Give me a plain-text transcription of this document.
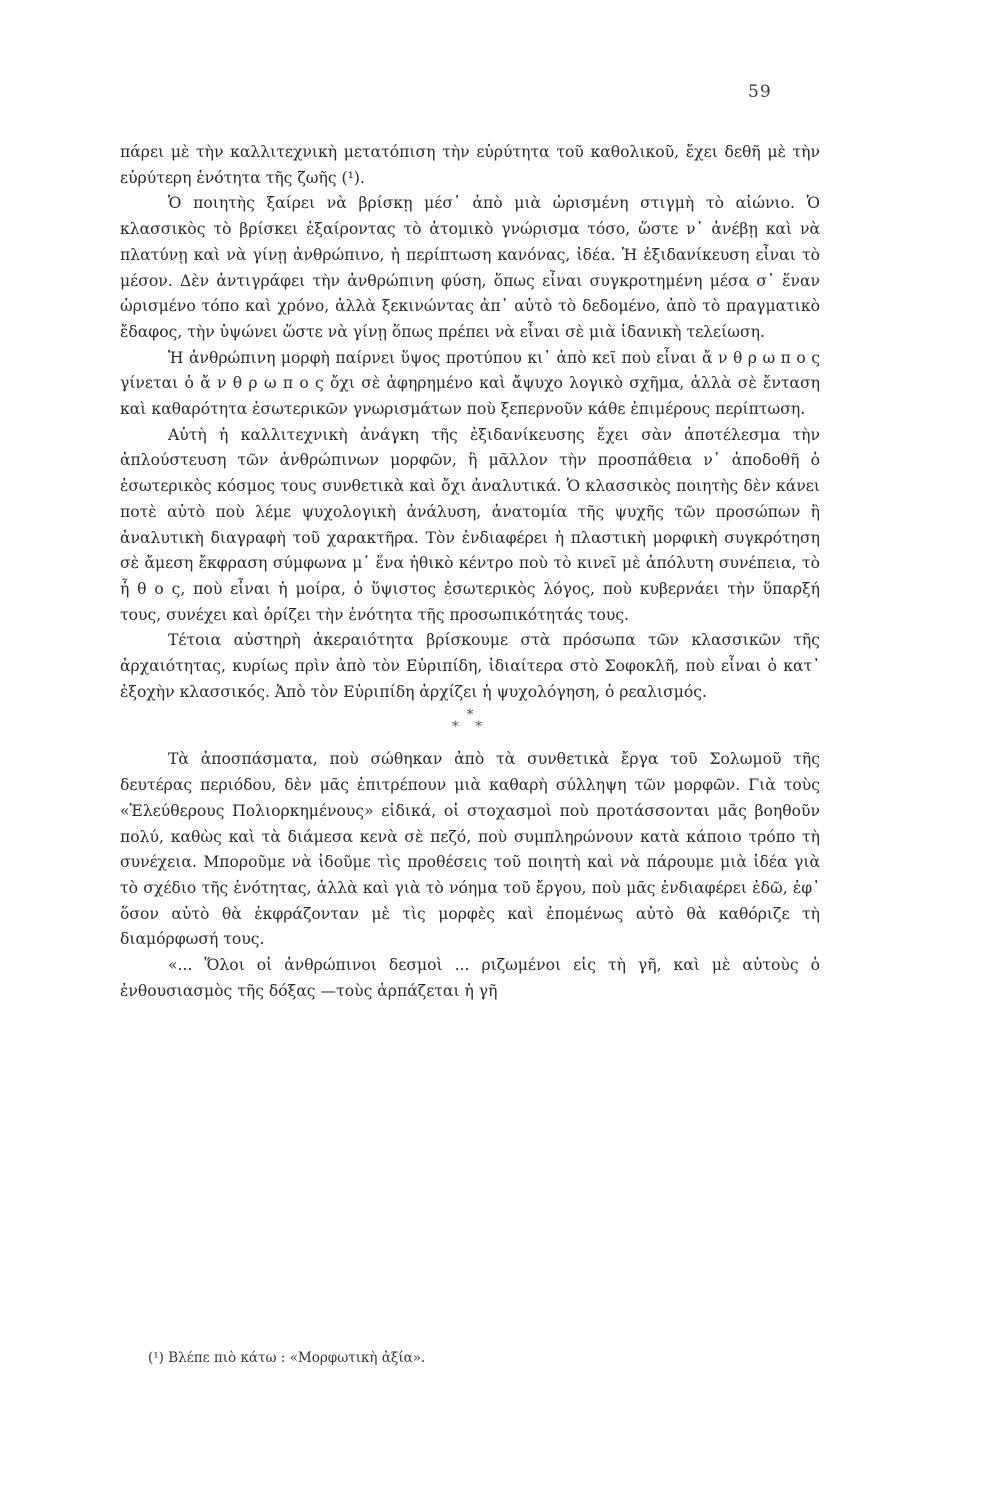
59

πάρει μὲ τὴν καλλιτεχνικὴ μετατόπιση τὴν εὐρύτητα τοῦ καθολικοῦ, ἔχει δεθῆ μὲ τὴν εὐρύτερη ἑνότητα τῆς ζωῆς (¹).

Ὁ ποιητὴς ξαίρει νὰ βρίσκῃ μέσ᾽ ἀπὸ μιὰ ὡρισμένη στιγμὴ τὸ αἰώνιο. Ὁ κλασσικὸς τὸ βρίσκει ἐξαίροντας τὸ ἀτομικὸ γνώρισμα τόσο, ὥστε ν᾽ ἀνέβῃ καὶ νὰ πλατύνῃ καὶ νὰ γίνῃ ἀνθρώπινο, ἡ περίπτωση κανόνας, ἰδέα. Ἡ ἐξιδανίκευση εἶναι τὸ μέσον. Δὲν ἀντιγράφει τὴν ἀνθρώπινη φύση, ὅπως εἶναι συγκροτημένη μέσα σ᾽ ἕναν ὡρισμένο τόπο καὶ χρόνο, ἀλλὰ ξεκινώντας ἀπ᾽ αὐτὸ τὸ δεδομένο, ἀπὸ τὸ πραγματικὸ ἔδαφος, τὴν ὑψώνει ὥστε νὰ γίνῃ ὅπως πρέπει νὰ εἶναι σὲ μιὰ ἰδανικὴ τελείωση.

Ἡ ἀνθρώπινη μορφὴ παίρνει ὕψος προτύπου κι᾽ ἀπὸ κεῖ ποὺ εἶναι ἄ ν θ ρ ω π ο ς γίνεται ὁ ἄ ν θ ρ ω π ο ς ὄχι σὲ ἀφηρημένο καὶ ἄψυχο λογικὸ σχῆμα, ἀλλὰ σὲ ἔνταση καὶ καθαρότητα ἐσωτερικῶν γνωρισμάτων ποὺ ξεπερνοῦν κάθε ἐπιμέρους περίπτωση.

Αὐτὴ ἡ καλλιτεχνικὴ ἀνάγκη τῆς ἐξιδανίκευσης ἔχει σὰν ἀποτέλεσμα τὴν ἁπλούστευση τῶν ἀνθρώπινων μορφῶν, ἢ μᾶλλον τὴν προσπάθεια ν᾽ ἀποδοθῆ ὁ ἐσωτερικὸς κόσμος τους συνθετικὰ καὶ ὄχι ἀναλυτικά. Ὁ κλασσικὸς ποιητὴς δὲν κάνει ποτὲ αὐτὸ ποὺ λέμε ψυχολογικὴ ἀνάλυση, ἀνατομία τῆς ψυχῆς τῶν προσώπων ἢ ἀναλυτικὴ διαγραφὴ τοῦ χαρακτῆρα. Τὸν ἐνδιαφέρει ἡ πλαστικὴ μορφικὴ συγκρότηση σὲ ἄμεση ἔκφραση σύμφωνα μ᾽ ἕνα ἠθικὸ κέντρο ποὺ τὸ κινεῖ μὲ ἀπόλυτη συνέπεια, τὸ ἦ θ ο ς, ποὺ εἶναι ἡ μοίρα, ὁ ὕψιστος ἐσωτερικὸς λόγος, ποὺ κυβερνάει τὴν ὕπαρξή τους, συνέχει καὶ ὁρίζει τὴν ἑνότητα τῆς προσωπικότητάς τους.

Τέτοια αὐστηρὴ ἀκεραιότητα βρίσκουμε στὰ πρόσωπα τῶν κλασσικῶν τῆς ἀρχαιότητας, κυρίως πρὶν ἀπὸ τὸν Εὐριπίδη, ἰδιαίτερα στὸ Σοφοκλῆ, ποὺ εἶναι ὁ κατ᾽ ἐξοχὴν κλασσικός. Ἀπὸ τὸν Εὐριπίδη ἀρχίζει ἡ ψυχολόγηση, ὁ ρεαλισμός.

*
* *

Τὰ ἀποσπάσματα, ποὺ σώθηκαν ἀπὸ τὰ συνθετικὰ ἔργα τοῦ Σολωμοῦ τῆς δευτέρας περιόδου, δὲν μᾶς ἐπιτρέπουν μιὰ καθαρὴ σύλληψη τῶν μορφῶν. Γιὰ τοὺς «Ἐλεύθερους Πολιορκημένους» εἰδικά, οἱ στοχασμοὶ ποὺ προτάσσονται μᾶς βοηθοῦν πολύ, καθὼς καὶ τὰ διάμεσα κενὰ σὲ πεζό, ποὺ συμπληρώνουν κατὰ κάποιο τρόπο τὴ συνέχεια. Μποροῦμε νὰ ἰδοῦμε τὶς προθέσεις τοῦ ποιητὴ καὶ νὰ πάρουμε μιὰ ἰδέα γιὰ τὸ σχέδιο τῆς ἑνότητας, ἀλλὰ καὶ γιὰ τὸ νόημα τοῦ ἔργου, ποὺ μᾶς ἐνδιαφέρει ἐδῶ, ἐφ᾽ ὅσον αὐτὸ θὰ ἐκφράζονταν μὲ τὶς μορφὲς καὶ ἑπομένως αὐτὸ θὰ καθόριζε τὴ διαμόρφωσή τους.

«... Ὅλοι οἱ ἀνθρώπινοι δεσμοὶ ... ριζωμένοι εἰς τὴ γῆ, καὶ μὲ αὐτοὺς ὁ ἐνθουσιασμὸς τῆς δόξας —τοὺς ἁρπάζεται ἡ γῆ

(¹) Βλέπε πιὸ κάτω : «Μορφωτικὴ ἀξία».
